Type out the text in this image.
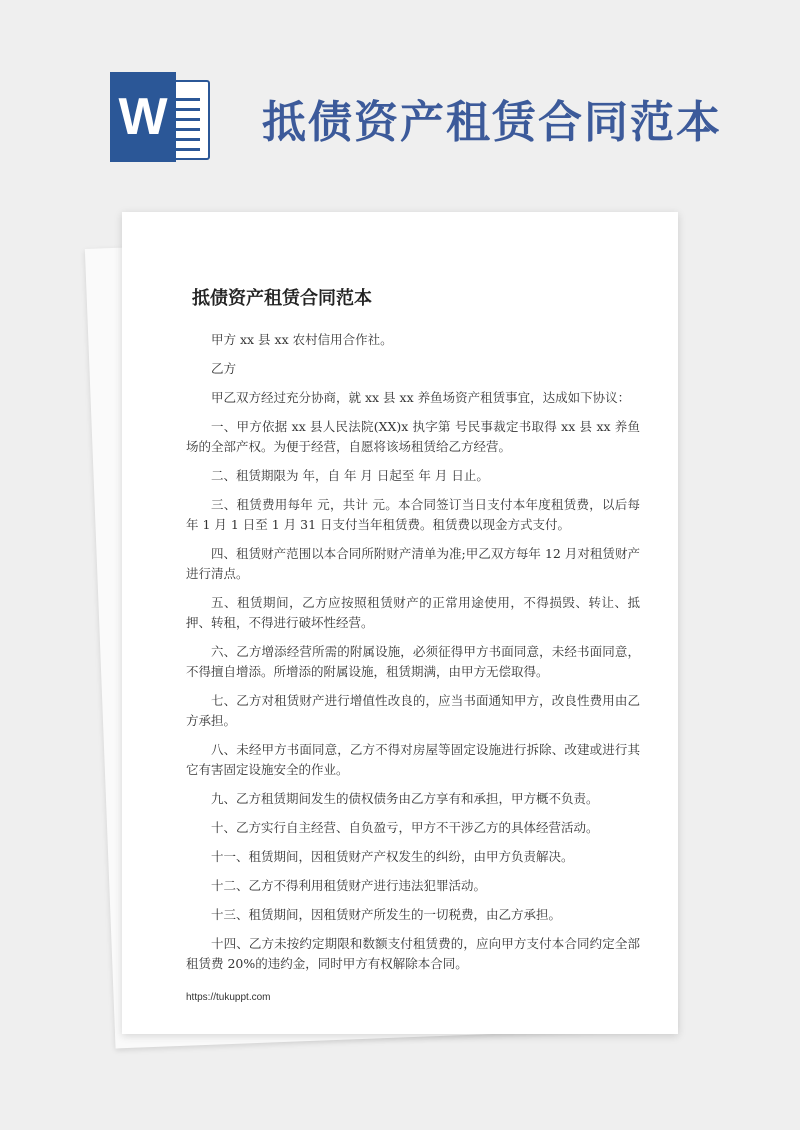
W 抵债资产租赁合同范本
抵债资产租赁合同范本

甲方 xx 县 xx 农村信用合作社。

乙方

甲乙双方经过充分协商，就 xx 县 xx 养鱼场资产租赁事宜，达成如下协议：

一、甲方依据 xx 县人民法院(XX)x 执字第 号民事裁定书取得 xx 县 xx 养鱼场的全部产权。为便于经营，自愿将该场租赁给乙方经营。

二、租赁期限为 年，自 年 月 日起至 年 月 日止。

三、租赁费用每年 元，共计 元。本合同签订当日支付本年度租赁费，以后每年 1 月 1 日至 1 月 31 日支付当年租赁费。租赁费以现金方式支付。

四、租赁财产范围以本合同所附财产清单为准;甲乙双方每年 12 月对租赁财产进行清点。

五、租赁期间，乙方应按照租赁财产的正常用途使用，不得损毁、转让、抵押、转租，不得进行破坏性经营。

六、乙方增添经营所需的附属设施，必须征得甲方书面同意，未经书面同意，不得擅自增添。所增添的附属设施，租赁期满，由甲方无偿取得。

七、乙方对租赁财产进行增值性改良的，应当书面通知甲方，改良性费用由乙方承担。

八、未经甲方书面同意，乙方不得对房屋等固定设施进行拆除、改建或进行其它有害固定设施安全的作业。

九、乙方租赁期间发生的债权债务由乙方享有和承担，甲方概不负责。

十、乙方实行自主经营、自负盈亏，甲方不干涉乙方的具体经营活动。

十一、租赁期间，因租赁财产产权发生的纠纷，由甲方负责解决。

十二、乙方不得利用租赁财产进行违法犯罪活动。

十三、租赁期间，因租赁财产所发生的一切税费，由乙方承担。

十四、乙方未按约定期限和数额支付租赁费的，应向甲方支付本合同约定全部租赁费 20%的违约金，同时甲方有权解除本合同。

https://tukuppt.com
